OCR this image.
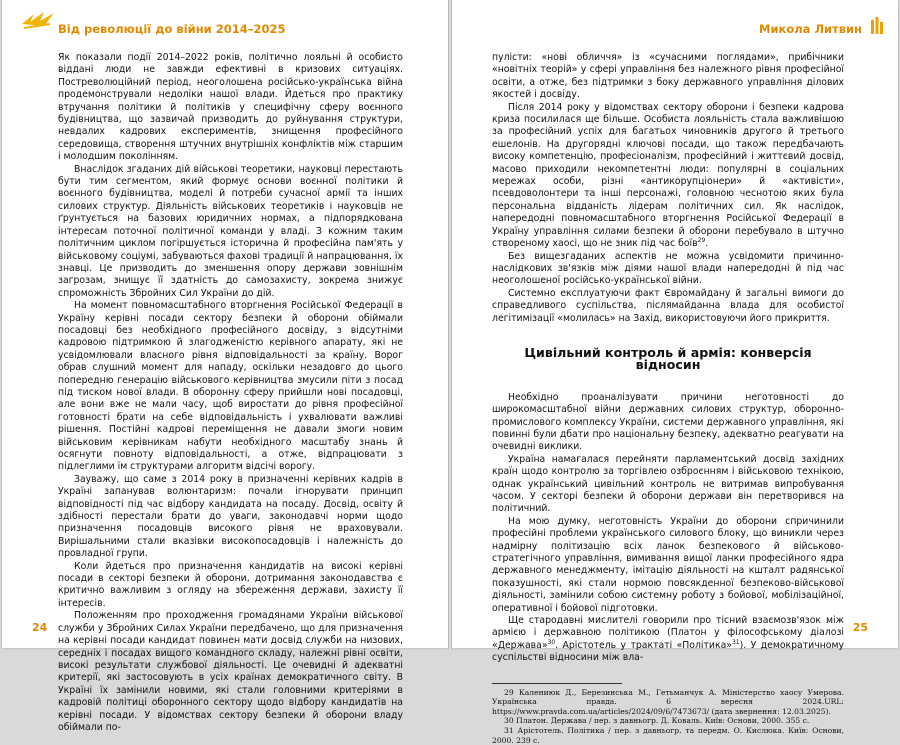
Від революції до війни 2014–2025

Як показали події 2014–2022 років, політично лояльні й особисто віддані люди не завжди ефективні в кризових ситуаціях. Постреволюційний період, неоголошена російсько-українська війна продемонстрували недоліки нашої влади. Йдеться про практику втручання політики й політиків у специфічну сферу воєнного будівництва, що зазвичай призводить до руйнування структури, невдалих кадрових експериментів, знищення професійного середовища, створення штучних внутрішніх конфліктів між старшим і молодшим поколінням.

Внаслідок згаданих дій військові теоретики, науковці перестають бути тим сегментом, який формує основи воєнної політики й воєнного будівництва, моделі й потреби сучасної армії та інших силових структур. Діяльність військових теоретиків і науковців не ґрунтується на базових юридичних нормах, а підпорядкована інтересам поточної політичної команди у владі. З кожним таким політичним циклом погіршується історична й професійна пам'ять у військовому соціумі, забуваються фахові традиції й напрацювання, їх знавці. Це призводить до зменшення опору держави зовнішнім загрозам, знищує її здатність до самозахисту, зокрема знижує спроможність Збройних Сил України до дій.

На момент повномасштабного вторгнення Російської Федерації в Україну керівні посади сектору безпеки й оборони обіймали посадовці без необхідного професійного досвіду, з відсутніми кадровою підтримкою й злагодженістю керівного апарату, які не усвідомлювали власного рівня відповідальності за країну. Ворог обрав слушний момент для нападу, оскільки незадовго до цього попередню генерацію військового керівництва змусили піти з посад під тиском нової влади. В оборонну сферу прийшли нові посадовці, але вони вже не мали часу, щоб виростати до рівня професійної готовності брати на себе відповідальність і ухвалювати важливі рішення. Постійні кадрові переміщення не давали змоги новим військовим керівникам набути необхідного масштабу знань й осягнути повноту відповідальності, а отже, відпрацювати з підлеглими їм структурами алгоритм відсічі ворогу.

Зауважу, що саме з 2014 року в призначенні керівних кадрів в Україні запанував волюнтаризм: почали ігнорувати принцип відповідності під час відбору кандидата на посаду. Досвід, освіту й здібності перестали брати до уваги, законодавчі норми щодо призначення посадовців високого рівня не враховували. Вирішальними стали вказівки високопосадовців і належність до провладної групи.

Коли йдеться про призначення кандидатів на високі керівні посади в секторі безпеки й оборони, дотримання законодавства є критично важливим з огляду на збереження держави, захисту її інтересів.

Положенням про проходження громадянами України військової служби у Збройних Силах України передбачено, що для призначення на керівні посади кандидат повинен мати досвід служби на низових, середніх і посадах вищого командного складу, належні рівні освіти, високі результати службової діяльності. Це очевидні й адекватні критерії, які застосовують в усіх країнах демократичного світу. В Україні їх замінили новими, які стали головними критеріями в кадровій політиці оборонного сектору щодо відбору кандидатів на керівні посади. У відомствах сектору безпеки й оборони владу обіймали по-

24
Микола Литвин

пулісти: «нові обличчя» із «сучасними поглядами», прибічники «новітніх теорій» у сфері управління без належного рівня професійної освіти, а отже, без підтримки з боку державного управління ділових якостей і досвіду.

Після 2014 року у відомствах сектору оборони і безпеки кадрова криза посилилася ще більше. Особиста лояльність стала важливішою за професійний успіх для багатьох чиновників другого й третього ешелонів. На другорядні ключові посади, що також передбачають високу компетенцію, професіоналізм, професійний і життєвий досвід, масово приходили некомпетентні люди: популярні в соціальних мережах особи, різні «антикорупціонери» й «активісти», псевдоволонтери та інші персонажі, головною чеснотою яких була персональна відданість лідерам політичних сил. Як наслідок, напередодні повномасштабного вторгнення Російської Федерації в Україну управління силами безпеки й оборони перебувало в штучно створеному хаосі, що не зник під час боїв$^{29}$.

Без вищезгаданих аспектів не можна усвідомити причинно-наслідкових зв'язків між діями нашої влади напередодні й під час неоголошеної російсько-української війни.

Системно експлуатуючи факт Євромайдану й загальні вимоги до справедливого суспільства, післямайданна влада для особистої легітимізації «молилась» на Захід, використовуючи його прикриття.

Цивільний контроль й армія: конверсія відносин

Необхідно проаналізувати причини неготовності до широкомасштабної війни державних силових структур, оборонно-промислового комплексу України, системи державного управління, які повинні були дбати про національну безпеку, адекватно реагувати на очевидні виклики.

Україна намагалася перейняти парламентський досвід західних країн щодо контролю за торгівлею озброєнням і військовою технікою, однак український цивільний контроль не витримав випробування часом. У секторі безпеки й оборони держави він перетворився на політичний.

На мою думку, неготовність України до оборони спричинили професійні проблеми українського силового блоку, що виникли через надмірну політизацію всіх ланок безпекового й військово-стратегічного управління, вимивання вищої ланки професійного ядра державного менеджменту, імітацію діяльності на кшталт радянської показушності, які стали нормою повсякденної безпеково-військової діяльності, замінили собою системну роботу з бойової, мобілізаційної, оперативної і бойової підготовки.

Ще стародавні мислителі говорили про тісний взаємозв'язок між армією і державною політикою (Платон у філософському діалозі «Держава»$^{30}$. Арістотель у трактаті «Політика»$^{31}$). У демократичному суспільстві відносини між вла-

29 Калениюк Д., Березинська М., Гетьманчук А. Міністерство хаосу Умерова. Українська правда. 6 вересня 2024.URL: https://www.pravda.com.ua/articles/2024/09/6/7473673/ (дата звернення: 12.03.2025).
30 Платон. Держава / пер. з давньогр. Д. Коваль. Київ: Основи, 2000. 355 с.
31 Арістотель. Політика / пер. з давньогр. та передм. О. Кислюка. Київ: Основи, 2000. 239 с.
25
